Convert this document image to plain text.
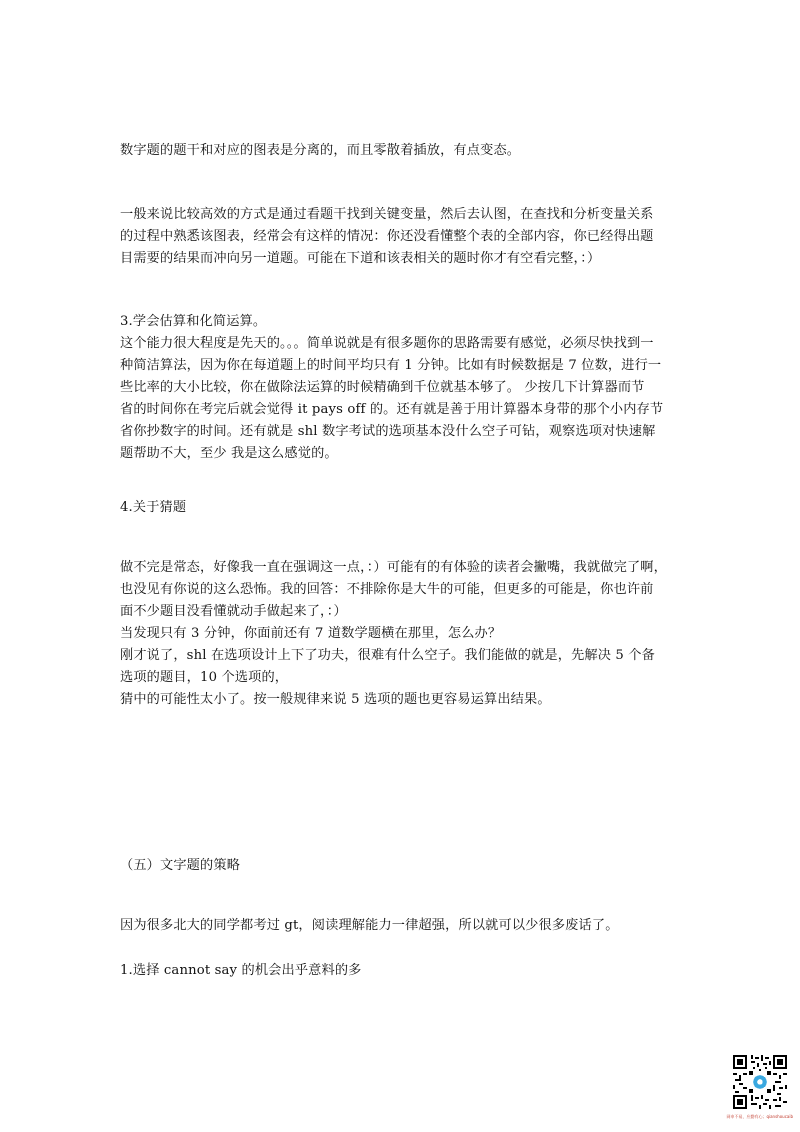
数字题的题干和对应的图表是分离的，而且零散着插放，有点变态。
一般来说比较高效的方式是通过看题干找到关键变量，然后去认图，在查找和分析变量关系
的过程中熟悉该图表，经常会有这样的情况：你还没看懂整个表的全部内容，你已经得出题
目需要的结果而冲向另一道题。可能在下道和该表相关的题时你才有空看完整，：）
3.学会估算和化简运算。
这个能力很大程度是先天的。。。简单说就是有很多题你的思路需要有感觉，必须尽快找到一
种简洁算法，因为你在每道题上的时间平均只有 1 分钟。比如有时候数据是 7 位数，进行一
些比率的大小比较，你在做除法运算的时候精确到千位就基本够了。 少按几下计算器而节
省的时间你在考完后就会觉得 it pays off 的。还有就是善于用计算器本身带的那个小内存节
省你抄数字的时间。还有就是 shl 数字考试的选项基本没什么空子可钻，观察选项对快速解
题帮助不大，至少 我是这么感觉的。
4.关于猜题
做不完是常态，好像我一直在强调这一点，：）可能有的有体验的读者会撇嘴，我就做完了啊，
也没见有你说的这么恐怖。我的回答：不排除你是大牛的可能，但更多的可能是，你也许前
面不少题目没看懂就动手做起来了，：）
当发现只有 3 分钟，你面前还有 7 道数学题横在那里，怎么办？
刚才说了，shl 在选项设计上下了功夫，很难有什么空子。我们能做的就是，先解决 5 个备
选项的题目，10 个选项的，
猜中的可能性太小了。按一般规律来说 5 选项的题也更容易运算出结果。
（五）文字题的策略
因为很多北大的同学都考过 gt，阅读理解能力一律超强，所以就可以少很多废话了。
1.选择 cannot say 的机会出乎意料的多
网申不易，应勤有心；qianshoucaib
